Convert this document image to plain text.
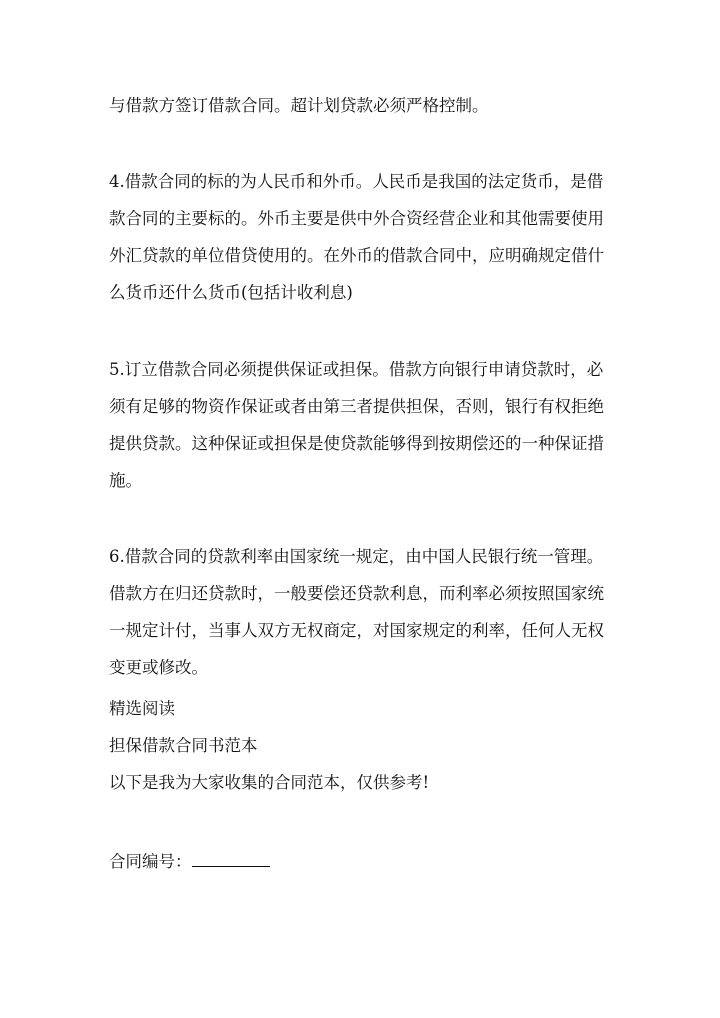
与借款方签订借款合同。超计划贷款必须严格控制。

4.借款合同的标的为人民币和外币。人民币是我国的法定货币，是借

款合同的主要标的。外币主要是供中外合资经营企业和其他需要使用

外汇贷款的单位借贷使用的。在外币的借款合同中，应明确规定借什

么货币还什么货币(包括计收利息)

5.订立借款合同必须提供保证或担保。借款方向银行申请贷款时，必

须有足够的物资作保证或者由第三者提供担保，否则，银行有权拒绝

提供贷款。这种保证或担保是使贷款能够得到按期偿还的一种保证措

施。

6.借款合同的贷款利率由国家统一规定，由中国人民银行统一管理。

借款方在归还贷款时，一般要偿还贷款利息，而利率必须按照国家统

一规定计付，当事人双方无权商定，对国家规定的利率，任何人无权

变更或修改。

精选阅读

担保借款合同书范本

以下是我为大家收集的合同范本，仅供参考!

合同编号：
